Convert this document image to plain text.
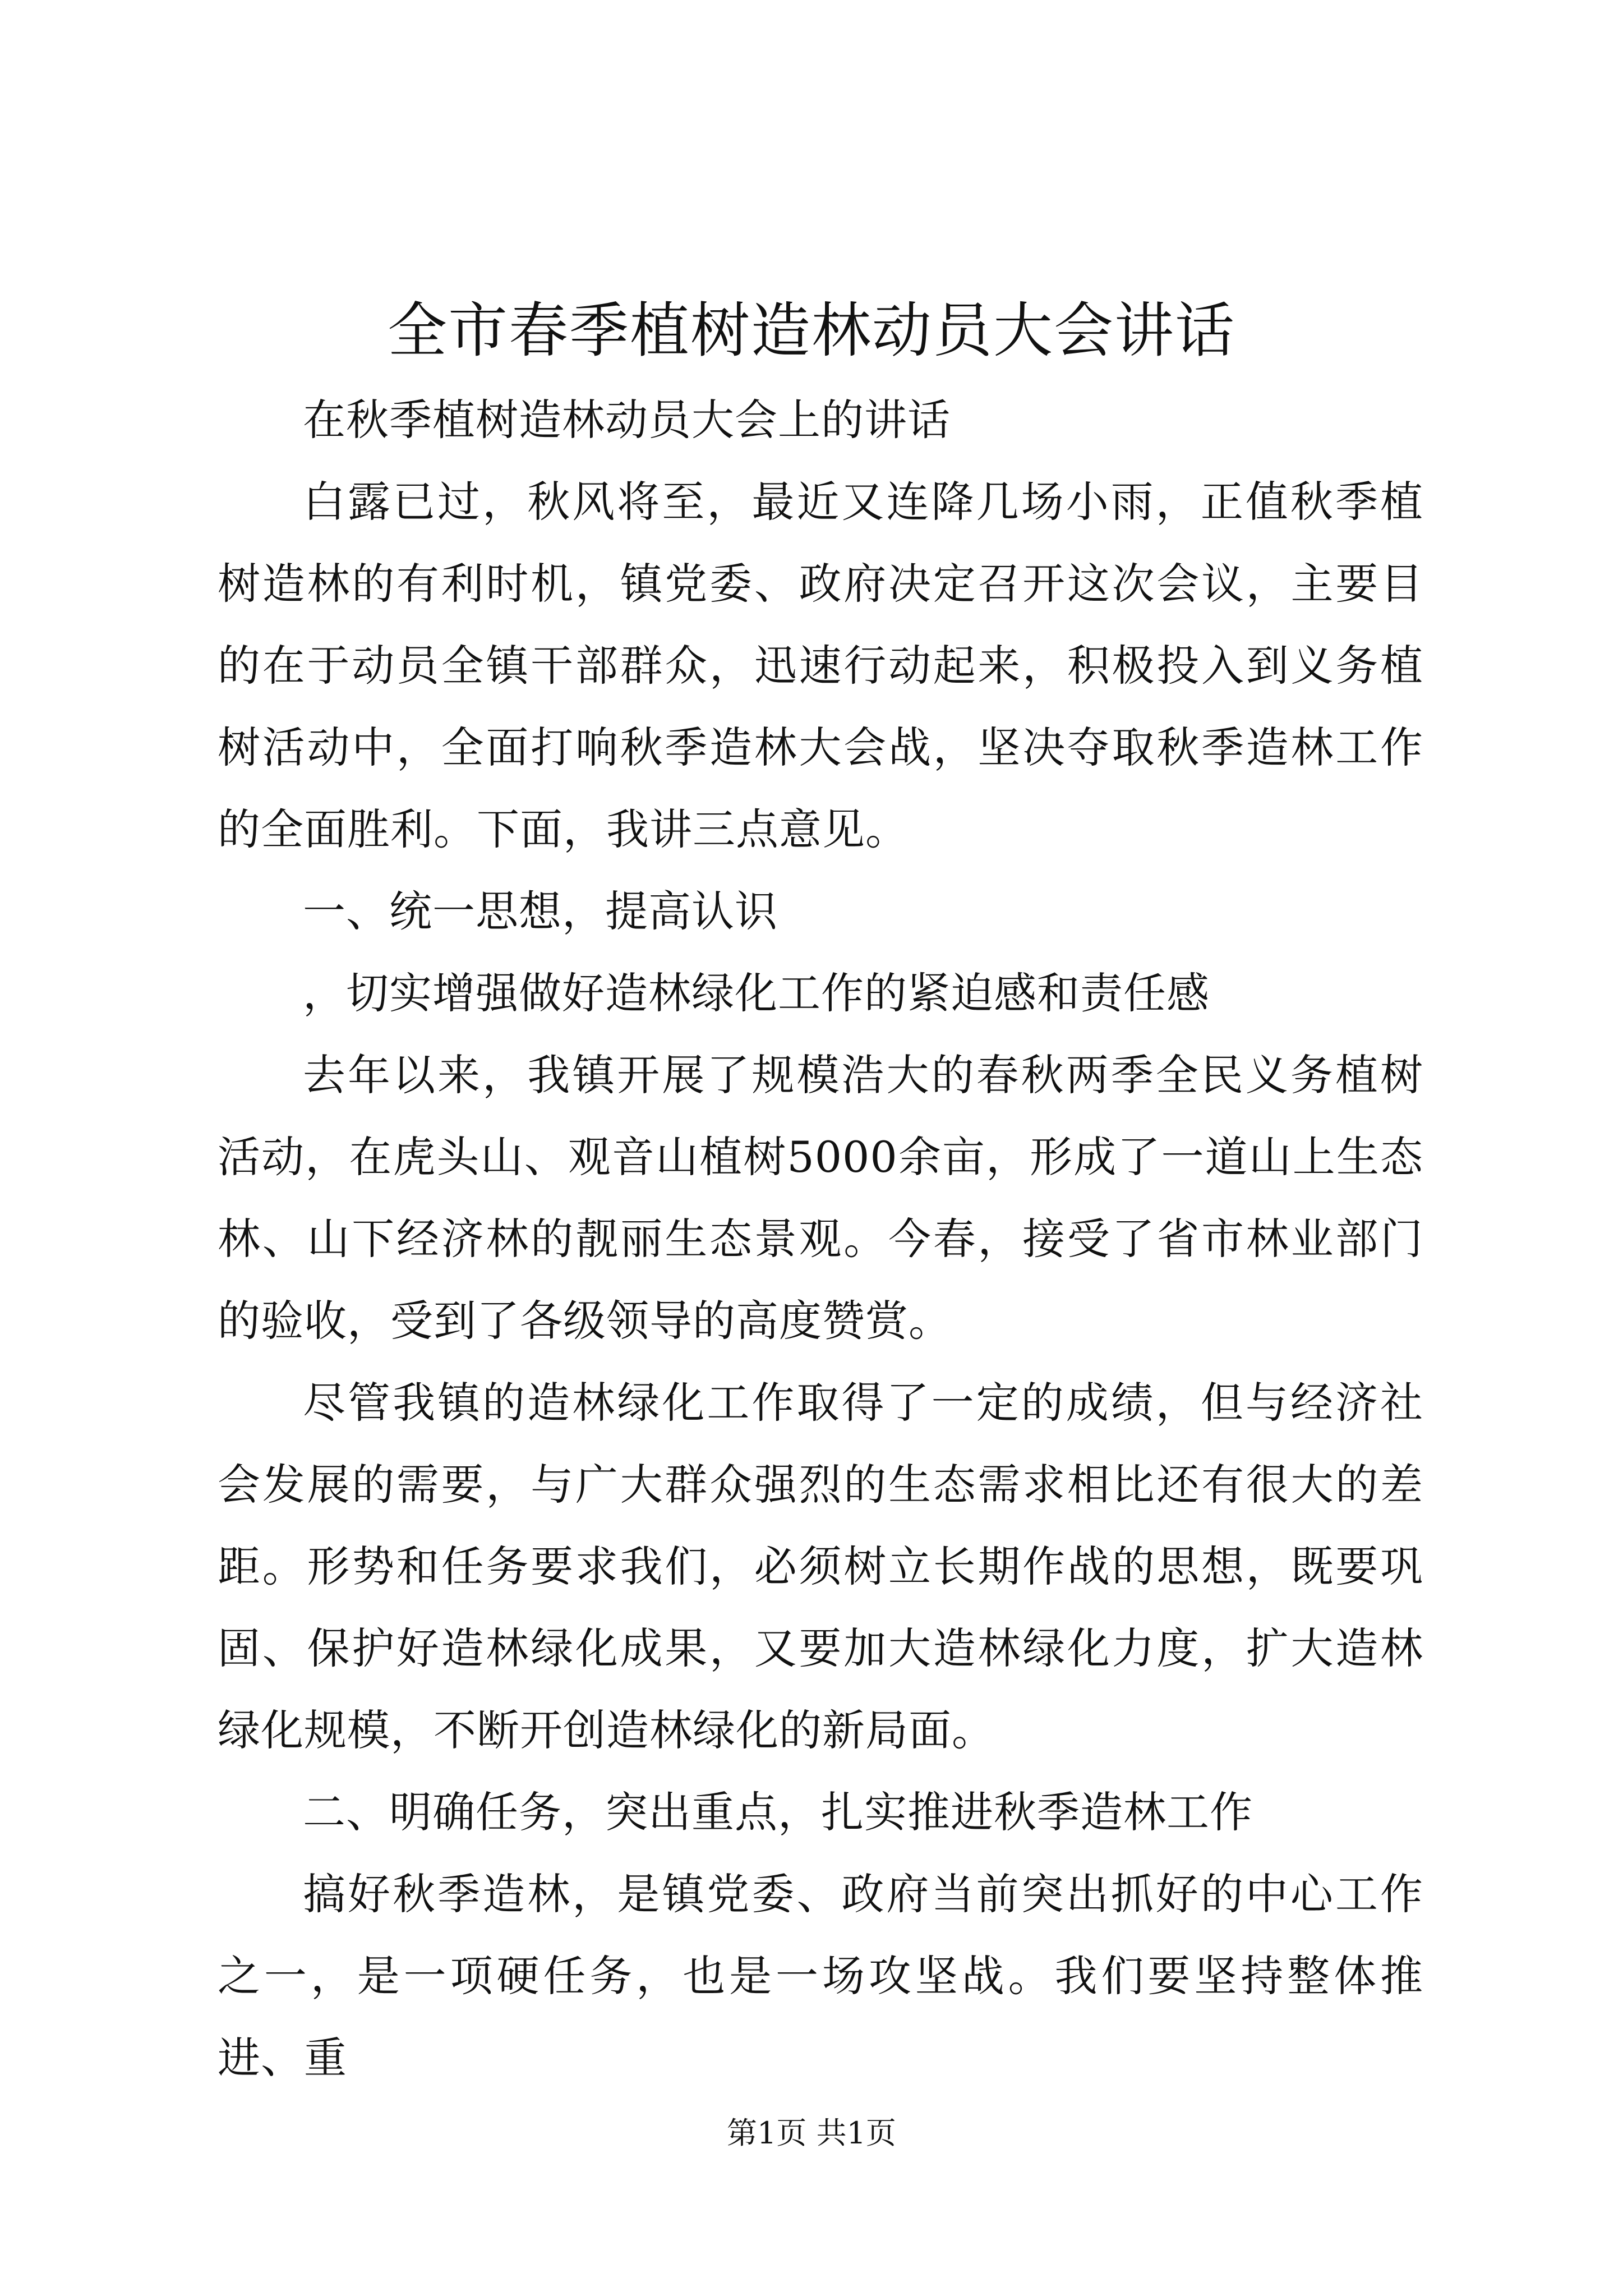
全市春季植树造林动员大会讲话

在秋季植树造林动员大会上的讲话

白露已过，秋风将至，最近又连降几场小雨，正值秋季植树造林的有利时机，镇党委、政府决定召开这次会议，主要目的在于动员全镇干部群众，迅速行动起来，积极投入到义务植树活动中，全面打响秋季造林大会战，坚决夺取秋季造林工作的全面胜利。下面，我讲三点意见。

一、统一思想，提高认识

，切实增强做好造林绿化工作的紧迫感和责任感

去年以来，我镇开展了规模浩大的春秋两季全民义务植树活动，在虎头山、观音山植树5000余亩，形成了一道山上生态林、山下经济林的靓丽生态景观。今春，接受了省市林业部门的验收，受到了各级领导的高度赞赏。

尽管我镇的造林绿化工作取得了一定的成绩，但与经济社会发展的需要，与广大群众强烈的生态需求相比还有很大的差距。形势和任务要求我们，必须树立长期作战的思想，既要巩固、保护好造林绿化成果，又要加大造林绿化力度，扩大造林绿化规模，不断开创造林绿化的新局面。

二、明确任务，突出重点，扎实推进秋季造林工作

搞好秋季造林，是镇党委、政府当前突出抓好的中心工作之一，是一项硬任务，也是一场攻坚战。我们要坚持整体推进、重

第1页 共1页
